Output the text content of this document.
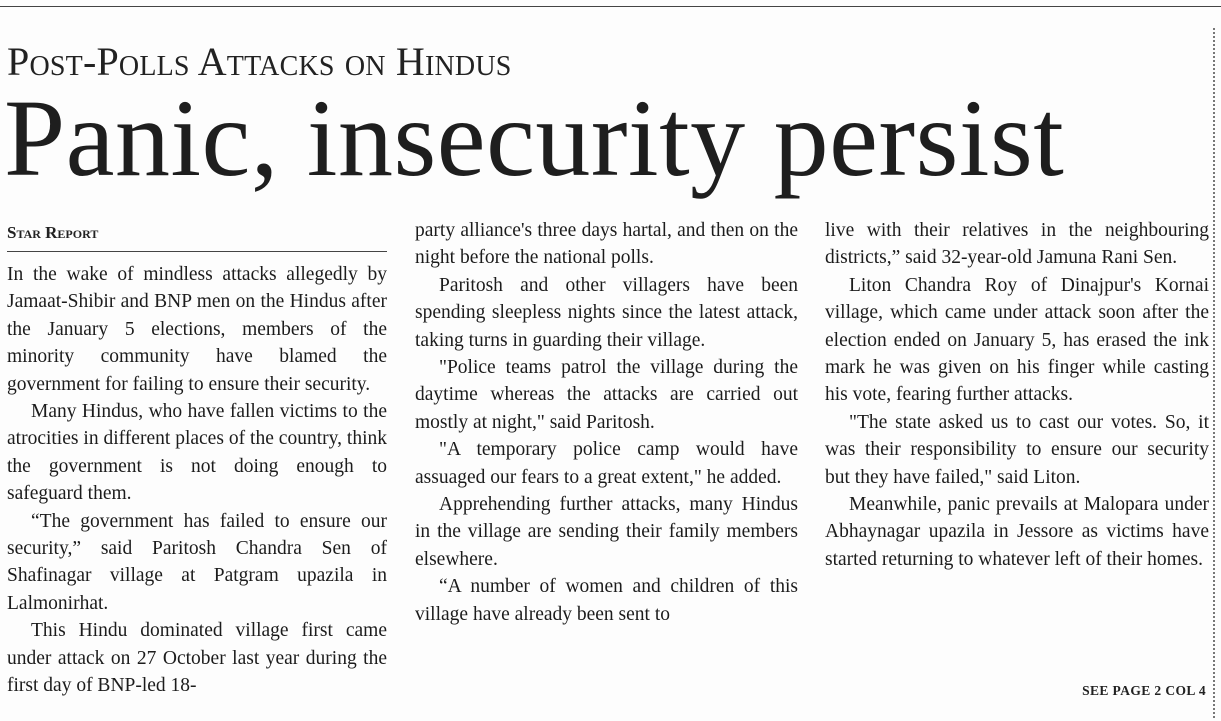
Post-Polls Attacks on Hindus
Panic, insecurity persist
Star Report

In the wake of mindless attacks allegedly by Jamaat-Shibir and BNP men on the Hindus after the January 5 elections, members of the minority community have blamed the government for failing to ensure their security.

Many Hindus, who have fallen victims to the atrocities in different places of the country, think the government is not doing enough to safeguard them.

“The government has failed to ensure our security,” said Paritosh Chandra Sen of Shafinagar village at Patgram upazila in Lalmonirhat.

This Hindu dominated village first came under attack on 27 October last year during the first day of BNP-led 18-

party alliance's three days hartal, and then on the night before the national polls.

Paritosh and other villagers have been spending sleepless nights since the latest attack, taking turns in guarding their village.

"Police teams patrol the village during the daytime whereas the attacks are carried out mostly at night," said Paritosh.

"A temporary police camp would have assuaged our fears to a great extent," he added.

Apprehending further attacks, many Hindus in the village are sending their family members elsewhere.

“A number of women and children of this village have already been sent to

live with their relatives in the neighbouring districts,” said 32-year-old Jamuna Rani Sen.

Liton Chandra Roy of Dinajpur's Kornai village, which came under attack soon after the election ended on January 5, has erased the ink mark he was given on his finger while casting his vote, fearing further attacks.

"The state asked us to cast our votes. So, it was their responsibility to ensure our security but they have failed," said Liton.

Meanwhile, panic prevails at Malopara under Abhaynagar upazila in Jessore as victims have started returning to whatever left of their homes.

SEE PAGE 2 COL 4
